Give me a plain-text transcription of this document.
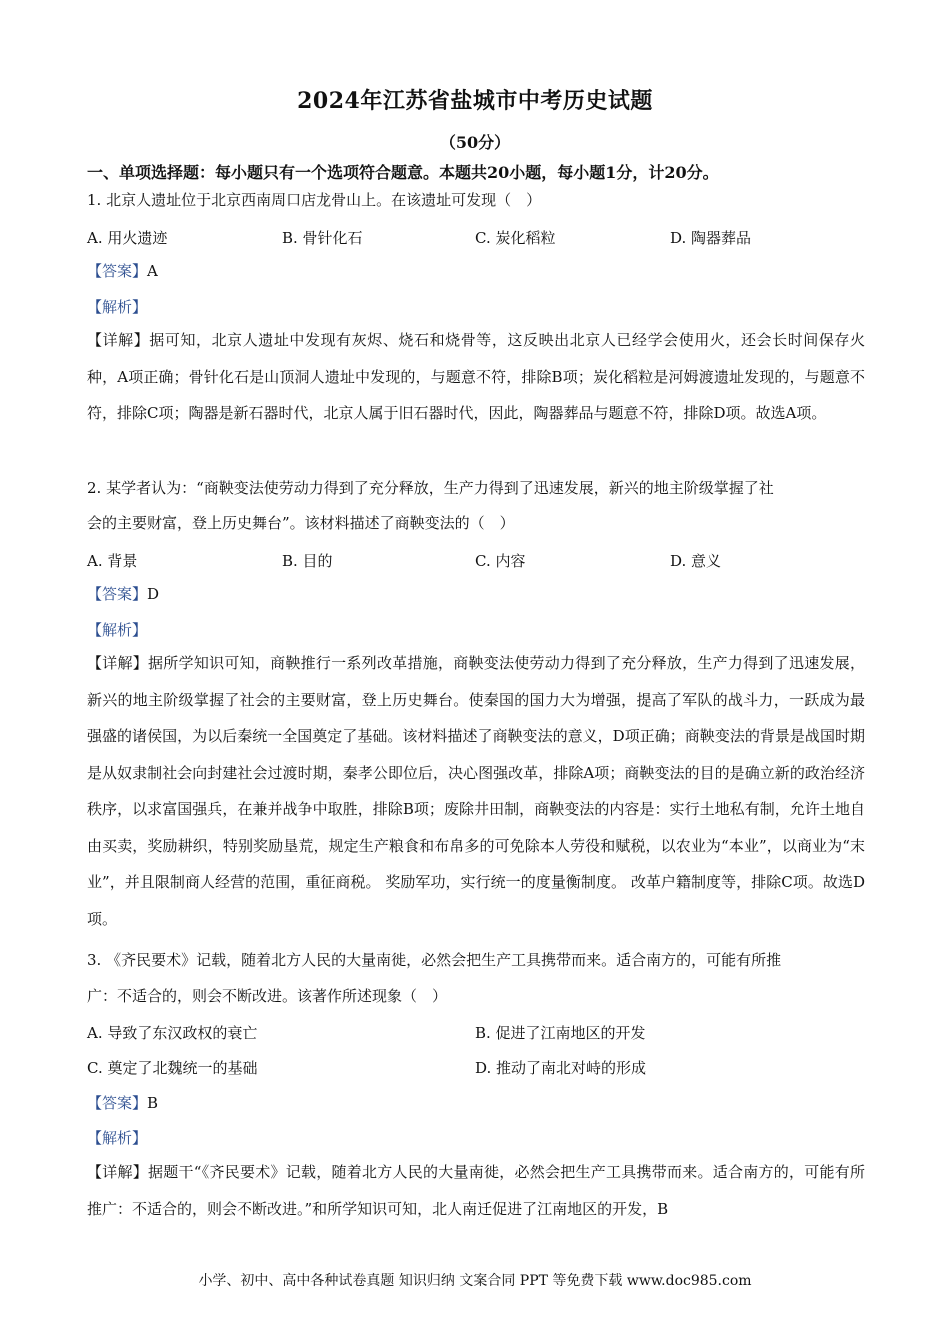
2024年江苏省盐城市中考历史试题
（50分）
一、单项选择题：每小题只有一个选项符合题意。本题共20小题，每小题1分，计20分。
1. 北京人遗址位于北京西南周口店龙骨山上。在该遗址可发现（　）
A. 用火遗迹	B. 骨针化石	C. 炭化稻粒	D. 陶器葬品
【答案】A
【解析】
【详解】据可知，北京人遗址中发现有灰烬、烧石和烧骨等，这反映出北京人已经学会使用火，还会长时间保存火种，A项正确；骨针化石是山顶洞人遗址中发现的，与题意不符，排除B项；炭化稻粒是河姆渡遗址发现的，与题意不符，排除C项；陶器是新石器时代，北京人属于旧石器时代，因此，陶器葬品与题意不符，排除D项。故选A项。
2. 某学者认为：“商鞅变法使劳动力得到了充分释放，生产力得到了迅速发展，新兴的地主阶级掌握了社
会的主要财富，登上历史舞台”。该材料描述了商鞅变法的（　）
A. 背景	B. 目的	C. 内容	D. 意义
【答案】D
【解析】
【详解】据所学知识可知，商鞅推行一系列改革措施，商鞅变法使劳动力得到了充分释放，生产力得到了迅速发展，新兴的地主阶级掌握了社会的主要财富，登上历史舞台。使秦国的国力大为增强，提高了军队的战斗力，一跃成为最强盛的诸侯国，为以后秦统一全国奠定了基础。该材料描述了商鞅变法的意义，D项正确；商鞅变法的背景是战国时期是从奴隶制社会向封建社会过渡时期，秦孝公即位后，决心图强改革，排除A项；商鞅变法的目的是确立新的政治经济秩序，以求富国强兵，在兼并战争中取胜，排除B项；废除井田制，商鞅变法的内容是：实行土地私有制，允许土地自由买卖，奖励耕织，特别奖励垦荒，规定生产粮食和布帛多的可免除本人劳役和赋税，以农业为“本业”，以商业为“末业”，并且限制商人经营的范围，重征商税。 奖励军功，实行统一的度量衡制度。 改革户籍制度等，排除C项。故选D项。
3. 《齐民要术》记载，随着北方人民的大量南徙，必然会把生产工具携带而来。适合南方的，可能有所推
广：不适合的，则会不断改进。该著作所述现象（　）
A. 导致了东汉政权的衰亡	B. 促进了江南地区的开发
C. 奠定了北魏统一的基础	D. 推动了南北对峙的形成
【答案】B
【解析】
【详解】据题干“《齐民要术》记载，随着北方人民的大量南徙，必然会把生产工具携带而来。适合南方的，可能有所推广：不适合的，则会不断改进。”和所学知识可知，北人南迁促进了江南地区的开发，B
小学、初中、高中各种试卷真题 知识归纳 文案合同 PPT 等免费下载 www.doc985.com
